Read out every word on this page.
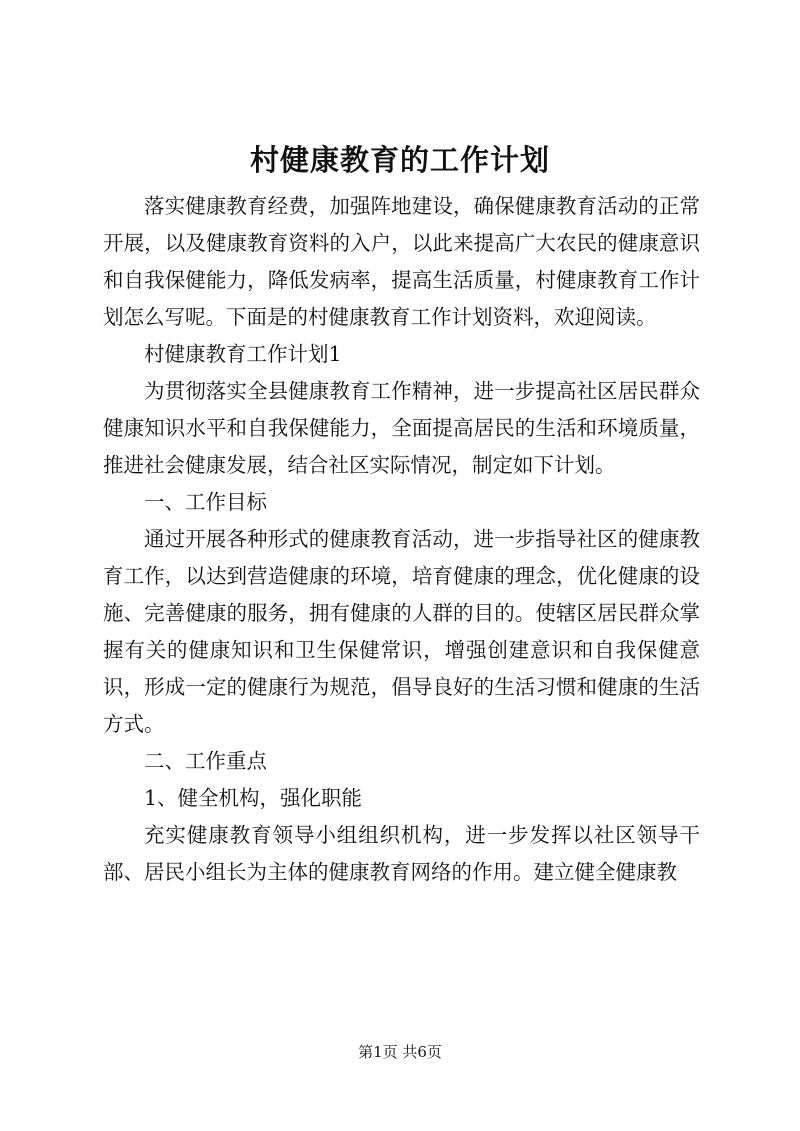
村健康教育的工作计划

落实健康教育经费，加强阵地建设，确保健康教育活动的正常开展，以及健康教育资料的入户，以此来提高广大农民的健康意识和自我保健能力，降低发病率，提高生活质量，村健康教育工作计划怎么写呢。下面是的村健康教育工作计划资料，欢迎阅读。

村健康教育工作计划1

为贯彻落实全县健康教育工作精神，进一步提高社区居民群众健康知识水平和自我保健能力，全面提高居民的生活和环境质量，推进社会健康发展，结合社区实际情况，制定如下计划。

一、工作目标

通过开展各种形式的健康教育活动，进一步指导社区的健康教育工作，以达到营造健康的环境，培育健康的理念，优化健康的设施、完善健康的服务，拥有健康的人群的目的。使辖区居民群众掌握有关的健康知识和卫生保健常识，增强创建意识和自我保健意识，形成一定的健康行为规范，倡导良好的生活习惯和健康的生活方式。

二、工作重点

1、健全机构，强化职能

充实健康教育领导小组组织机构，进一步发挥以社区领导干部、居民小组长为主体的健康教育网络的作用。建立健全健康教

第1页 共6页
